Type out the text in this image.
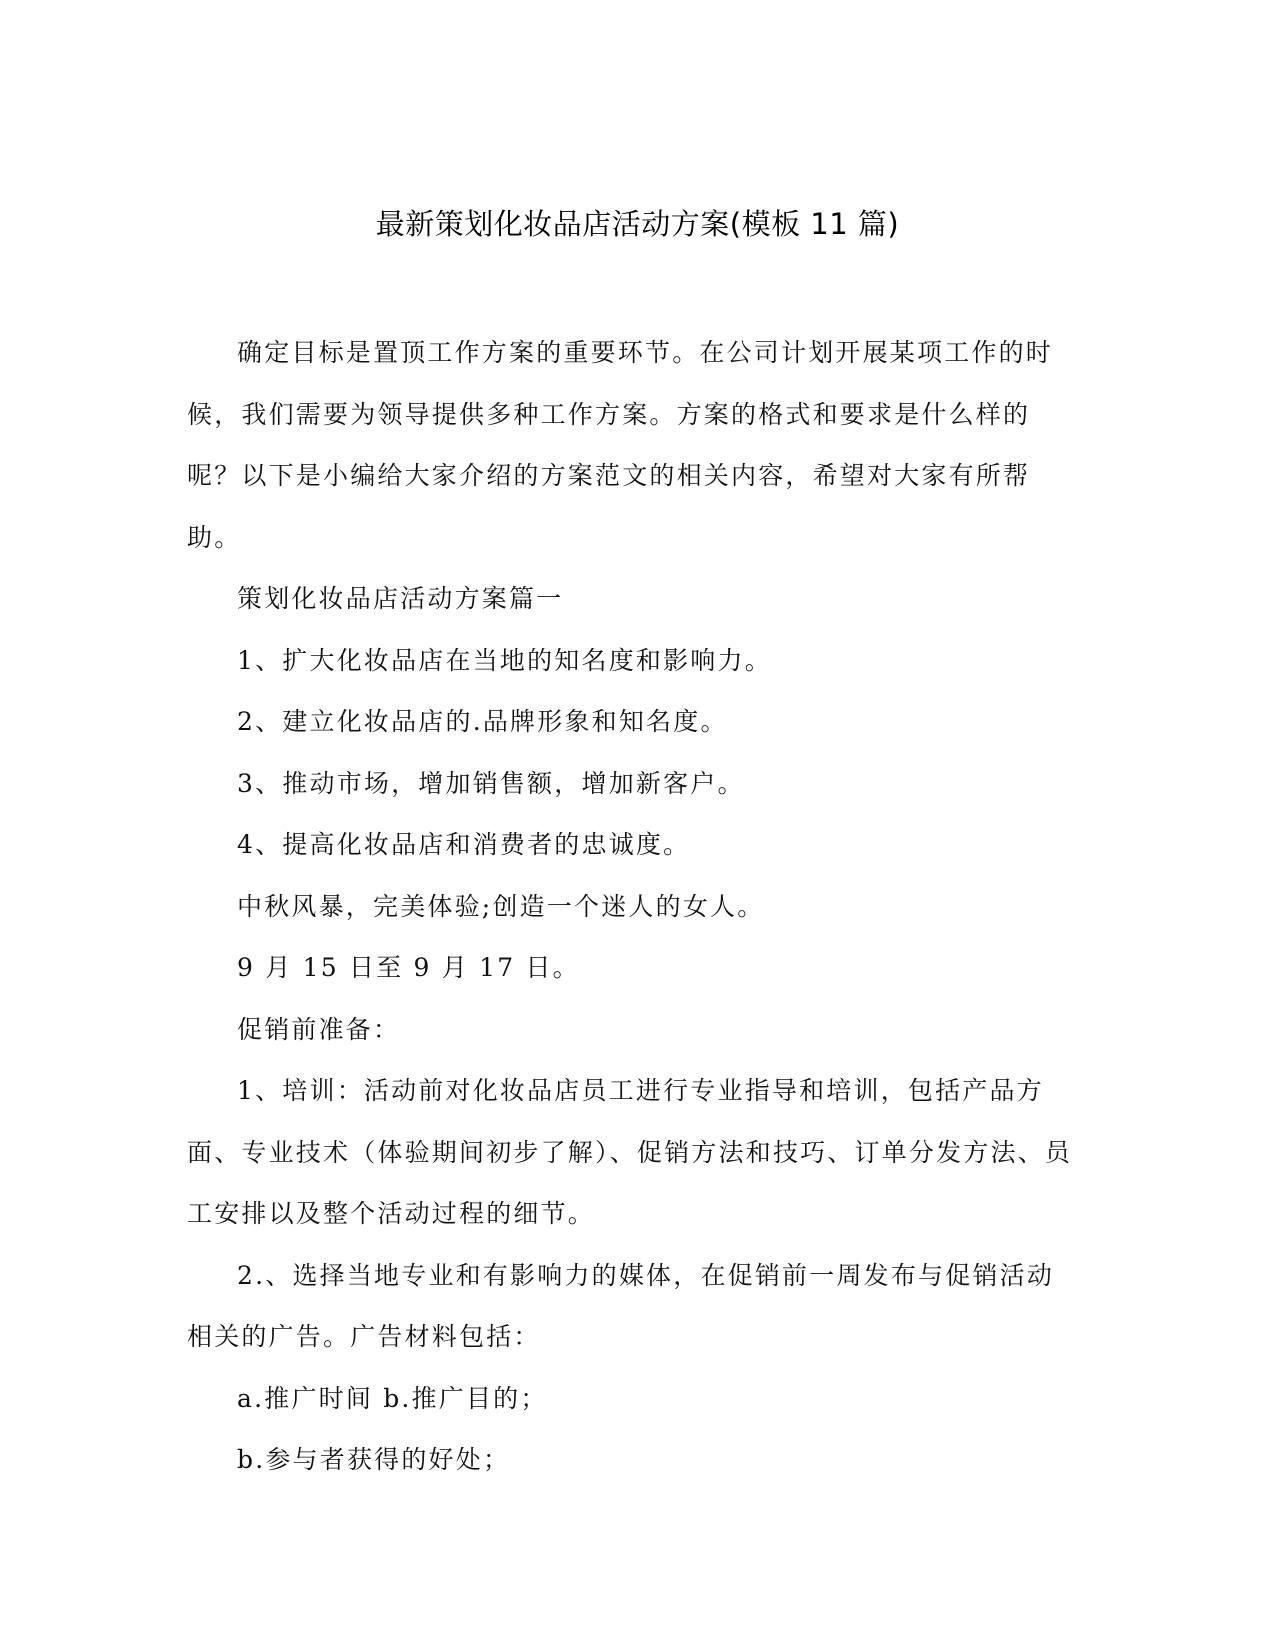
最新策划化妆品店活动方案(模板 11 篇)

确定目标是置顶工作方案的重要环节。在公司计划开展某项工作的时候，我们需要为领导提供多种工作方案。方案的格式和要求是什么样的呢？以下是小编给大家介绍的方案范文的相关内容，希望对大家有所帮助。

策划化妆品店活动方案篇一

1、扩大化妆品店在当地的知名度和影响力。

2、建立化妆品店的.品牌形象和知名度。

3、推动市场，增加销售额，增加新客户。

4、提高化妆品店和消费者的忠诚度。

中秋风暴，完美体验;创造一个迷人的女人。

9 月 15 日至 9 月 17 日。

促销前准备：

1、培训：活动前对化妆品店员工进行专业指导和培训，包括产品方面、专业技术（体验期间初步了解）、促销方法和技巧、订单分发方法、员工安排以及整个活动过程的细节。

2.、选择当地专业和有影响力的媒体，在促销前一周发布与促销活动相关的广告。广告材料包括：

a.推广时间 b.推广目的；

b.参与者获得的好处；
